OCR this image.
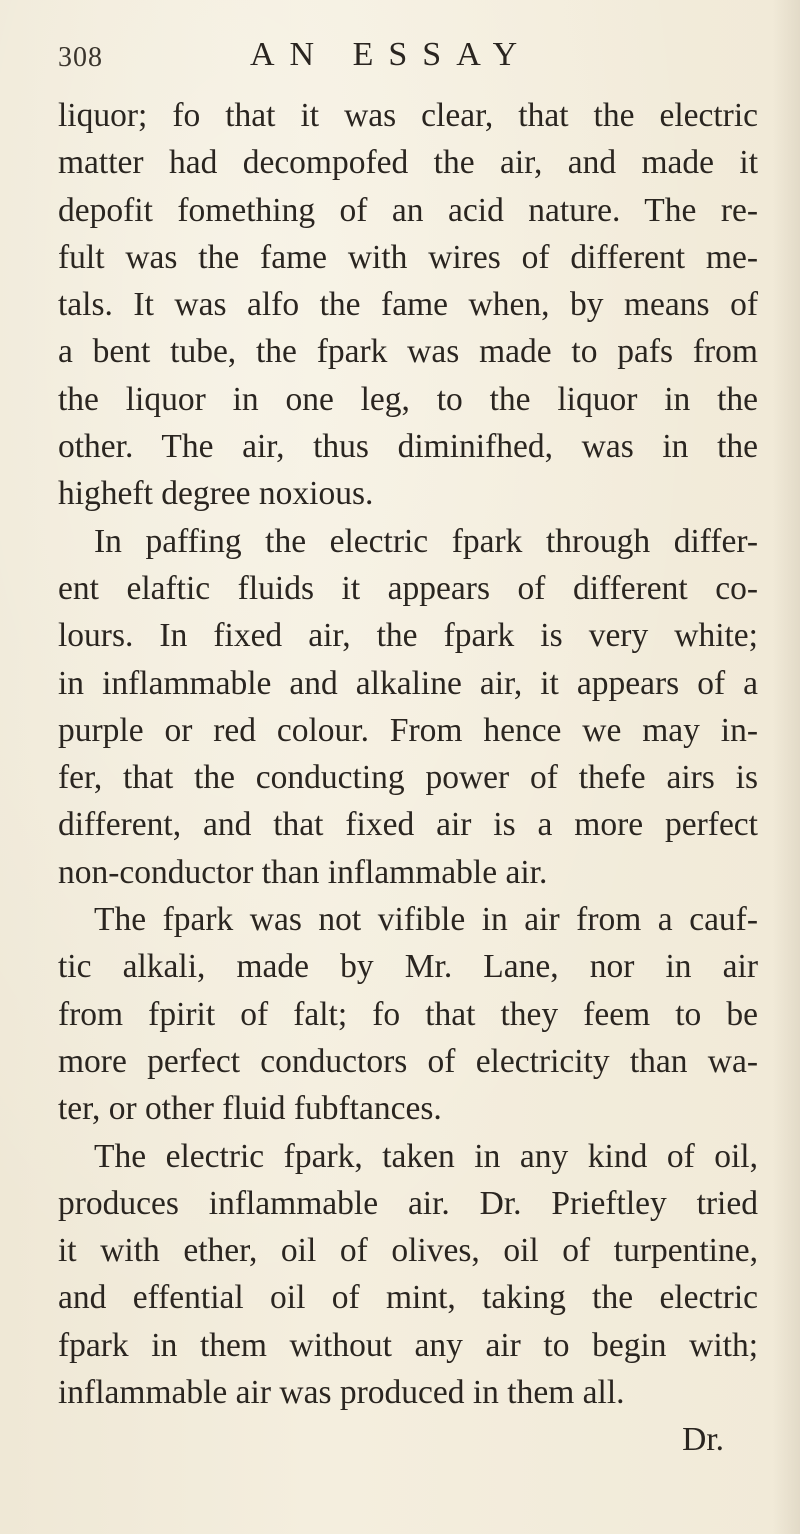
308	AN ESSAY
liquor; fo that it was clear, that the electric
matter had decompofed the air, and made it
depofit fomething of an acid nature. The re-
fult was the fame with wires of different me-
tals. It was alfo the fame when, by means of
a bent tube, the fpark was made to pafs from
the liquor in one leg, to the liquor in the
other. The air, thus diminifhed, was in the
higheft degree noxious.
In paffing the electric fpark through differ-
ent elaftic fluids it appears of different co-
lours. In fixed air, the fpark is very white;
in inflammable and alkaline air, it appears of a
purple or red colour. From hence we may in-
fer, that the conducting power of thefe airs is
different, and that fixed air is a more perfect
non-conductor than inflammable air.
The fpark was not vifible in air from a cauf-
tic alkali, made by Mr. Lane, nor in air
from fpirit of falt; fo that they feem to be
more perfect conductors of electricity than wa-
ter, or other fluid fubftances.
The electric fpark, taken in any kind of oil,
produces inflammable air. Dr. Prieftley tried
it with ether, oil of olives, oil of turpentine,
and effential oil of mint, taking the electric
fpark in them without any air to begin with;
inflammable air was produced in them all.
Dr.
